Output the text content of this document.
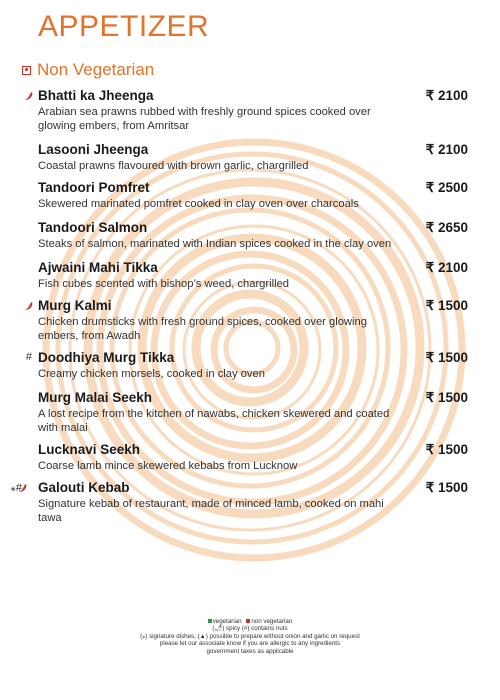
APPETIZER
Non Vegetarian
Bhatti ka Jheenga	₹ 2100
Arabian sea prawns rubbed with freshly ground spices cooked over glowing embers, from Amritsar
Lasooni Jheenga	₹ 2100
Coastal prawns flavoured with brown garlic, chargrilled
Tandoori Pomfret	₹ 2500
Skewered marinated pomfret cooked in clay oven over charcoals
Tandoori Salmon	₹ 2650
Steaks of salmon, marinated with Indian spices cooked in the clay oven
Ajwaini Mahi Tikka	₹ 2100
Fish cubes scented with bishop’s weed, chargrilled
Murg Kalmi	₹ 1500
Chicken drumsticks with fresh ground spices, cooked over glowing embers, from Awadh
Doodhiya Murg Tikka	₹ 1500
Creamy chicken morsels, cooked in clay oven
#
Murg Malai Seekh	₹ 1500
A lost recipe from the kitchen of nawabs, chicken skewered and coated with malai
Lucknavi Seekh	₹ 1500
Coarse lamb mince skewered kebabs from Lucknow
Galouti Kebab	₹ 1500
Signature kebab of restaurant, made of minced lamb, cooked on mahi tawa
⁎#
vegetarian non vegetarian
(🌶) spicy (#) contains nuts
(⁎) signature dishes, (▲) possible to prepare without onion and garlic on request
please let our associate know if you are allergic to any ingredients
government taxes as applicable
